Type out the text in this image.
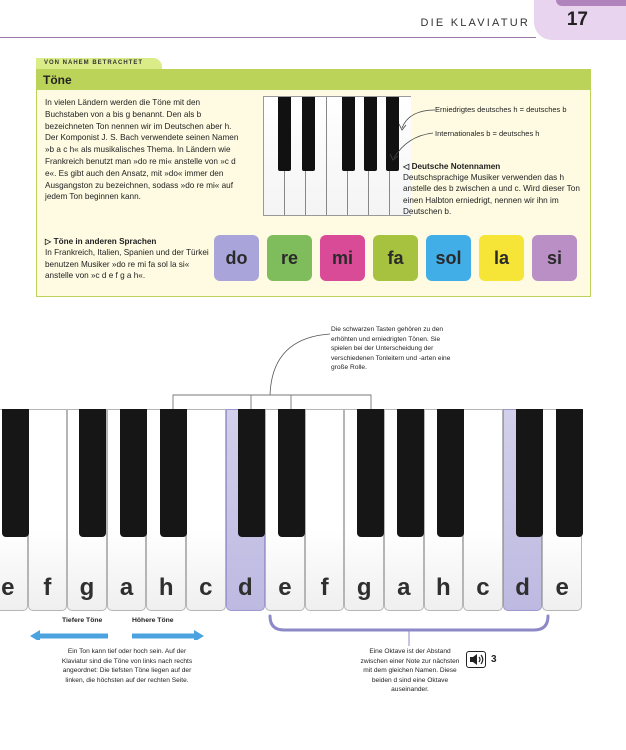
DIE KLAVIATUR 17
VON NAHEM BETRACHTET
Töne

In vielen Ländern werden die Töne mit den Buchstaben von a bis g benannt. Den als b bezeichneten Ton nennen wir im Deutschen aber h. Der Komponist J. S. Bach verwendete seinen Namen »b a c h« als musikalisches Thema. In Ländern wie Frankreich benutzt man »do re mi« anstelle von »c d e«. Es gibt auch den Ansatz, mit »do« immer den Ausgangston zu bezeichnen, sodass »do re mi« auf jedem Ton beginnen kann.

▷ Töne in anderen Sprachen

In Frankreich, Italien, Spanien und der Türkei benutzen Musiker »do re mi fa sol la si« anstelle von »c d e f g a h«.

Erniedrigtes deutsches h = deutsches b
Internationales b = deutsches h
◁ Deutsche Notennamen

Deutschsprachige Musiker verwenden das h anstelle des b zwischen a und c. Wird dieser Ton einen Halbton erniedrigt, nennen wir ihn im Deutschen b.

do	re	mi	fa	sol	la	si
Die schwarzen Tasten gehören zu den erhöhten und erniedrigten Tönen. Sie spielen bei der Unterscheidung der verschiedenen Tonleitern und -arten eine große Rolle.
e	f	g	a	h	c	d	e	f	g	a	h	c	d	e
Tiefere Töne	Höhere Töne

Ein Ton kann tief oder hoch sein. Auf der Klaviatur sind die Töne von links nach rechts angeordnet: Die tiefsten Töne liegen auf der linken, die höchsten auf der rechten Seite.

Eine Oktave ist der Abstand zwischen einer Note zur nächsten mit dem gleichen Namen. Diese beiden d sind eine Oktave auseinander.

3
